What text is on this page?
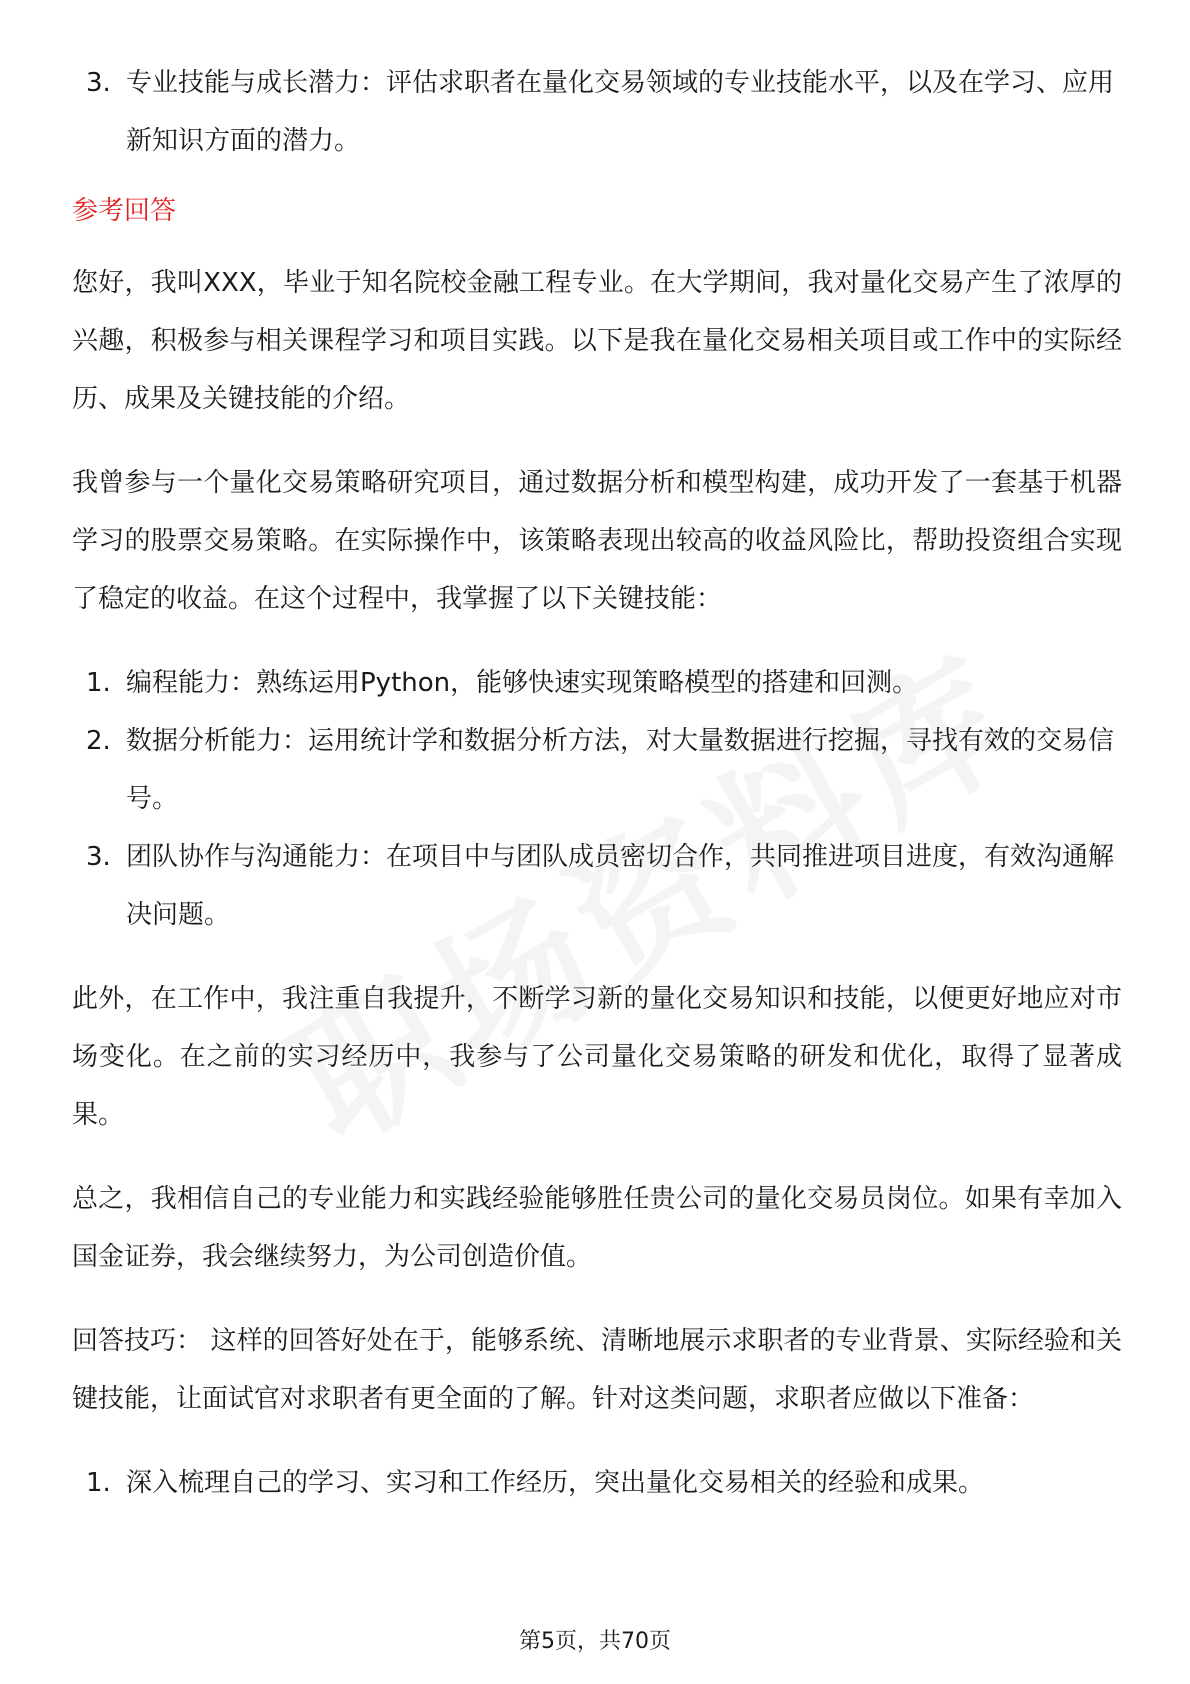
3. 专业技能与成长潜力：评估求职者在量化交易领域的专业技能水平，以及在学习、应用新知识方面的潜力。
参考回答

您好，我叫XXX，毕业于知名院校金融工程专业。在大学期间，我对量化交易产生了浓厚的兴趣，积极参与相关课程学习和项目实践。以下是我在量化交易相关项目或工作中的实际经历、成果及关键技能的介绍。

我曾参与一个量化交易策略研究项目，通过数据分析和模型构建，成功开发了一套基于机器学习的股票交易策略。在实际操作中，该策略表现出较高的收益风险比，帮助投资组合实现了稳定的收益。在这个过程中，我掌握了以下关键技能：

1. 编程能力：熟练运用Python，能够快速实现策略模型的搭建和回测。
2. 数据分析能力：运用统计学和数据分析方法，对大量数据进行挖掘，寻找有效的交易信号。
3. 团队协作与沟通能力：在项目中与团队成员密切合作，共同推进项目进度，有效沟通解决问题。

此外，在工作中，我注重自我提升，不断学习新的量化交易知识和技能，以便更好地应对市场变化。在之前的实习经历中，我参与了公司量化交易策略的研发和优化，取得了显著成果。

总之，我相信自己的专业能力和实践经验能够胜任贵公司的量化交易员岗位。如果有幸加入国金证券，我会继续努力，为公司创造价值。

回答技巧： 这样的回答好处在于，能够系统、清晰地展示求职者的专业背景、实际经验和关键技能，让面试官对求职者有更全面的了解。针对这类问题，求职者应做以下准备：

1. 深入梳理自己的学习、实习和工作经历，突出量化交易相关的经验和成果。
第5页，共70页
